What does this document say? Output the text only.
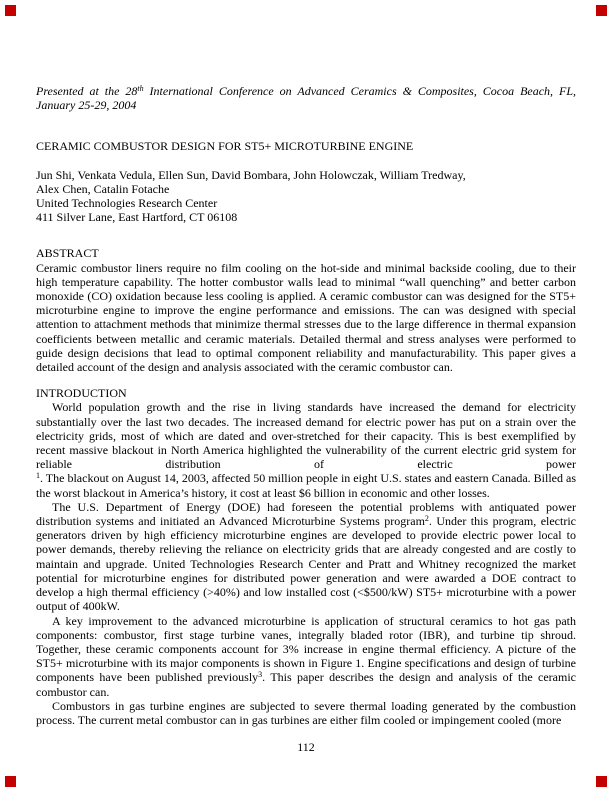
Presented at the 28th International Conference on Advanced Ceramics & Composites, Cocoa Beach, FL,
January 25-29, 2004
CERAMIC COMBUSTOR DESIGN FOR ST5+ MICROTURBINE ENGINE
Jun Shi, Venkata Vedula, Ellen Sun, David Bombara, John Holowczak, William Tredway,
Alex Chen, Catalin Fotache
United Technologies Research Center
411 Silver Lane, East Hartford, CT 06108
ABSTRACT
Ceramic combustor liners require no film cooling on the hot-side and minimal backside cooling, due to their high temperature capability. The hotter combustor walls lead to minimal “wall quenching” and better carbon monoxide (CO) oxidation because less cooling is applied. A ceramic combustor can was designed for the ST5+ microturbine engine to improve the engine performance and emissions. The can was designed with special attention to attachment methods that minimize thermal stresses due to the large difference in thermal expansion coefficients between metallic and ceramic materials. Detailed thermal and stress analyses were performed to guide design decisions that lead to optimal component reliability and manufacturability. This paper gives a detailed account of the design and analysis associated with the ceramic combustor can.
INTRODUCTION
World population growth and the rise in living standards have increased the demand for electricity substantially over the last two decades. The increased demand for electric power has put on a strain over the electricity grids, most of which are dated and over-stretched for their capacity. This is best exemplified by recent massive blackout in North America highlighted the vulnerability of the current electric grid system for reliable distribution of electric power
$^1$. The blackout on August 14, 2003, affected 50 million people in eight U.S. states and eastern Canada. Billed as the worst blackout in America’s history, it cost at least $6 billion in economic and other losses.
The U.S. Department of Energy (DOE) had foreseen the potential problems with antiquated power distribution systems and initiated an Advanced Microturbine Systems program$^2$. Under this program, electric generators driven by high efficiency microturbine engines are developed to provide electric power local to power demands, thereby relieving the reliance on electricity grids that are already congested and are costly to maintain and upgrade. United Technologies Research Center and Pratt and Whitney recognized the market potential for microturbine engines for distributed power generation and were awarded a DOE contract to develop a high thermal efficiency (>40%) and low installed cost (<$500/kW) ST5+ microturbine with a power output of 400kW.
A key improvement to the advanced microturbine is application of structural ceramics to hot gas path components: combustor, first stage turbine vanes, integrally bladed rotor (IBR), and turbine tip shroud. Together, these ceramic components account for 3% increase in engine thermal efficiency. A picture of the ST5+ microturbine with its major components is shown in Figure 1. Engine specifications and design of turbine components have been published previously$^3$. This paper describes the design and analysis of the ceramic combustor can.
Combustors in gas turbine engines are subjected to severe thermal loading generated by the combustion process. The current metal combustor can in gas turbines are either film cooled or impingement cooled (more
112
